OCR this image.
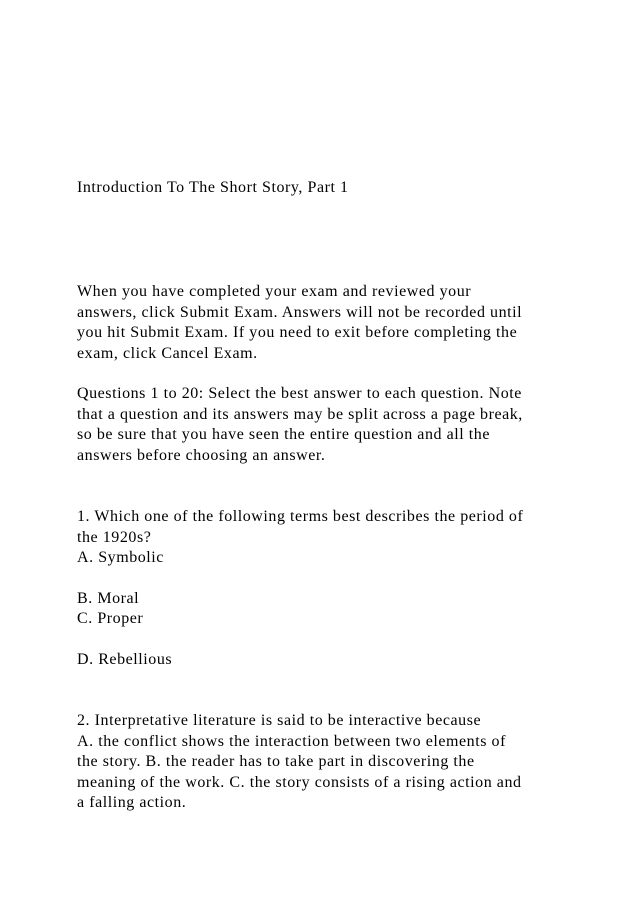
Introduction To The Short Story, Part 1
When you have completed your exam and reviewed your
answers, click Submit Exam. Answers will not be recorded until
you hit Submit Exam. If you need to exit before completing the
exam, click Cancel Exam.
Questions 1 to 20: Select the best answer to each question. Note
that a question and its answers may be split across a page break,
so be sure that you have seen the entire question and all the
answers before choosing an answer.
1. Which one of the following terms best describes the period of
the 1920s?
A. Symbolic
B. Moral
C. Proper
D. Rebellious
2. Interpretative literature is said to be interactive because
A. the conflict shows the interaction between two elements of
the story. B. the reader has to take part in discovering the
meaning of the work. C. the story consists of a rising action and
a falling action.
